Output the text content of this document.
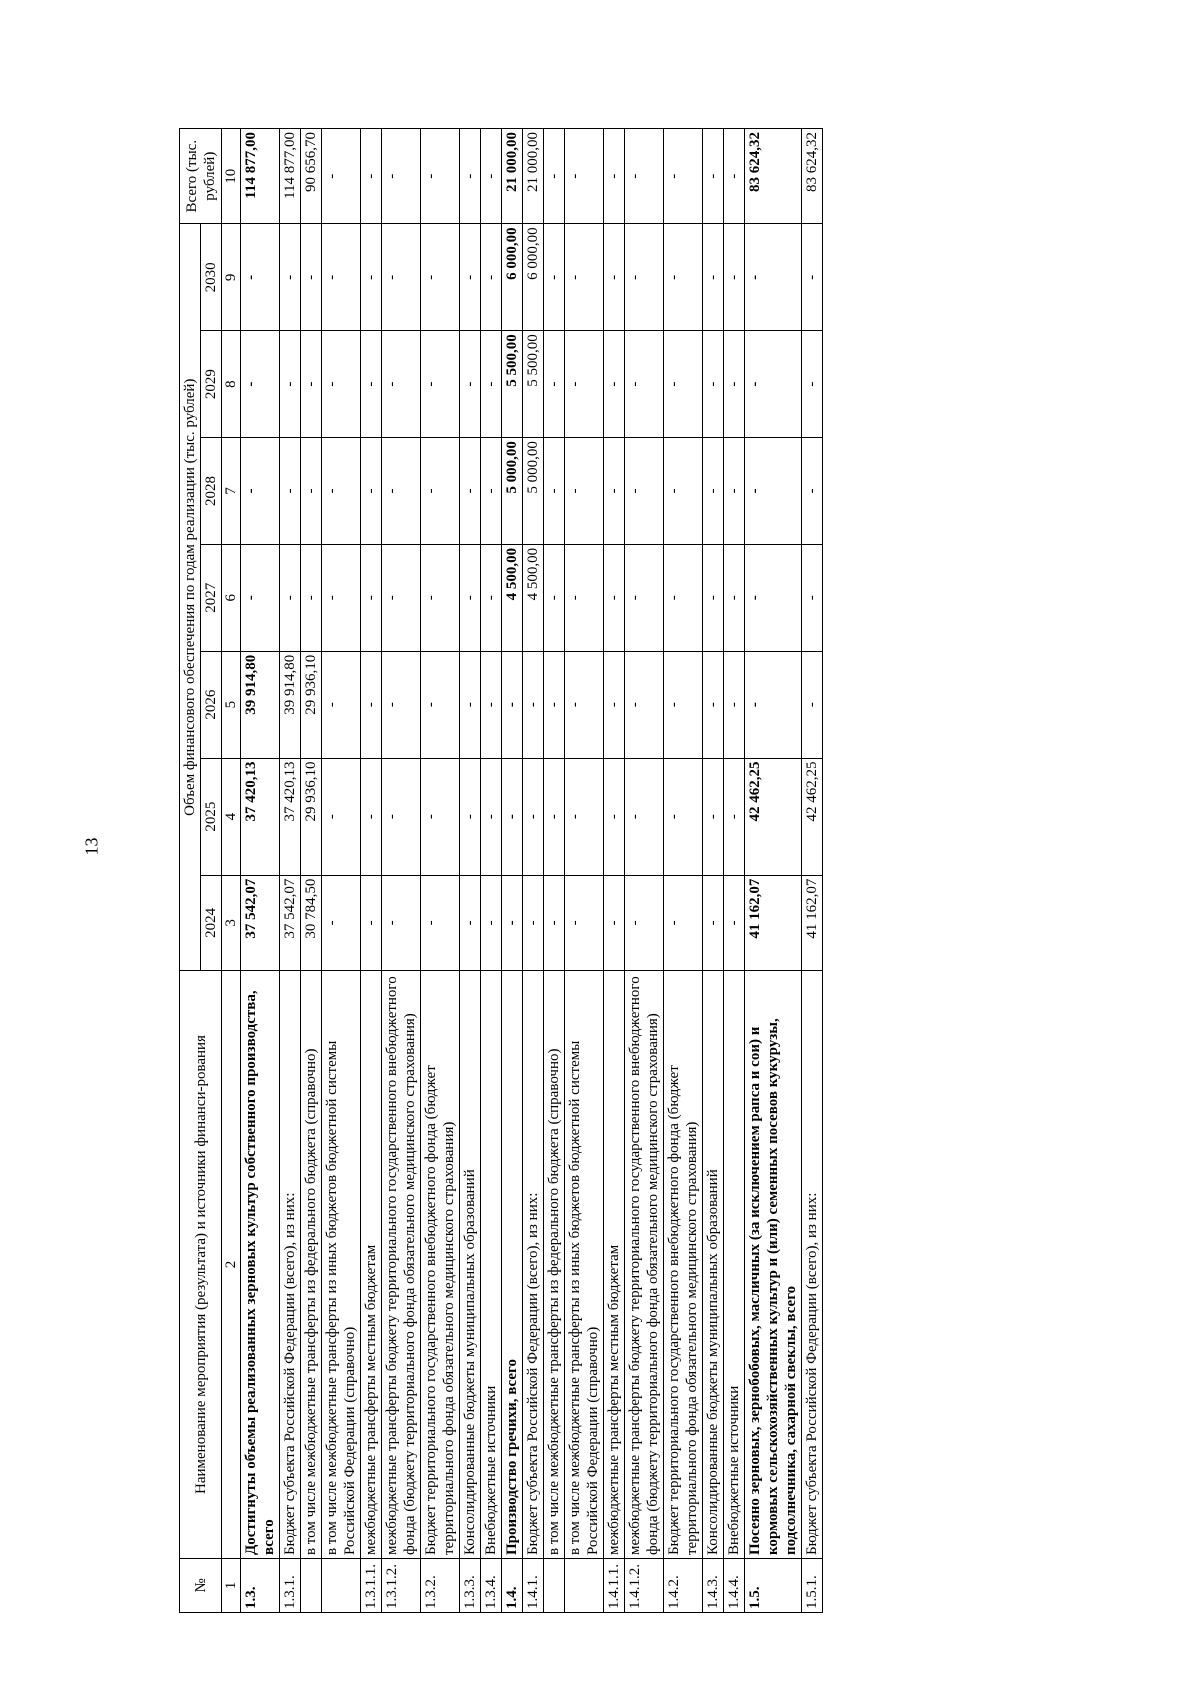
13
№	Наименование мероприятия (результата) и источники финанси-рования	Объем финансового обеспечения по годам реализации (тыс. рублей)							Всего (тыс. рублей)
		2024	2025	2026	2027	2028	2029	2030	
1	2	3	4	5	6	7	8	9	10
1.3.	Достигнуты объемы реализованных зерновых культур собственного производства, всего	37 542,07	37 420,13	39 914,80	-	-	-	-	114 877,00
1.3.1.	Бюджет субъекта Российской Федерации (всего), из них:	37 542,07	37 420,13	39 914,80	-	-	-	-	114 877,00
	в том числе межбюджетные трансферты из федерального бюджета (справочно)	30 784,50	29 936,10	29 936,10	-	-	-	-	90 656,70
	в том числе межбюджетные трансферты из иных бюджетов бюджетной системы Российской Федерации (справочно)	-	-	-	-	-	-	-	-
1.3.1.1.	межбюджетные трансферты местным бюджетам	-	-	-	-	-	-	-	-
1.3.1.2.	межбюджетные трансферты бюджету территориального государственного внебюджетного фонда (бюджету территориального фонда обязательного медицинского страхования)	-	-	-	-	-	-	-	-
1.3.2.	Бюджет территориального государственного внебюджетного фонда (бюджет территориального фонда обязательного медицинского страхования)	-	-	-	-	-	-	-	-
1.3.3.	Консолидированные бюджеты муниципальных образований	-	-	-	-	-	-	-	-
1.3.4.	Внебюджетные источники	-	-	-	-	-	-	-	-
1.4.	Производство гречихи, всего	-	-	-	4 500,00	5 000,00	5 500,00	6 000,00	21 000,00
1.4.1.	Бюджет субъекта Российской Федерации (всего), из них:	-	-	-	4 500,00	5 000,00	5 500,00	6 000,00	21 000,00
	в том числе межбюджетные трансферты из федерального бюджета (справочно)	-	-	-	-	-	-	-	-
	в том числе межбюджетные трансферты из иных бюджетов бюджетной системы Российской Федерации (справочно)	-	-	-	-	-	-	-	-
1.4.1.1.	межбюджетные трансферты местным бюджетам	-	-	-	-	-	-	-	-
1.4.1.2.	межбюджетные трансферты бюджету территориального государственного внебюджетного фонда (бюджету территориального фонда обязательного медицинского страхования)	-	-	-	-	-	-	-	-
1.4.2.	Бюджет территориального государственного внебюджетного фонда (бюджет территориального фонда обязательного медицинского страхования)	-	-	-	-	-	-	-	-
1.4.3.	Консолидированные бюджеты муниципальных образований	-	-	-	-	-	-	-	-
1.4.4.	Внебюджетные источники	-	-	-	-	-	-	-	-
1.5.	Посеяно зерновых, зернобобовых, масличных (за исключением рапса и сои) и кормовых сельскохозяйственных культур и (или) семенных посевов кукурузы, подсолнечника, сахарной свеклы, всего	41 162,07	42 462,25	-	-	-	-	-	83 624,32
1.5.1.	Бюджет субъекта Российской Федерации (всего), из них:	41 162,07	42 462,25	-	-	-	-	-	83 624,32
